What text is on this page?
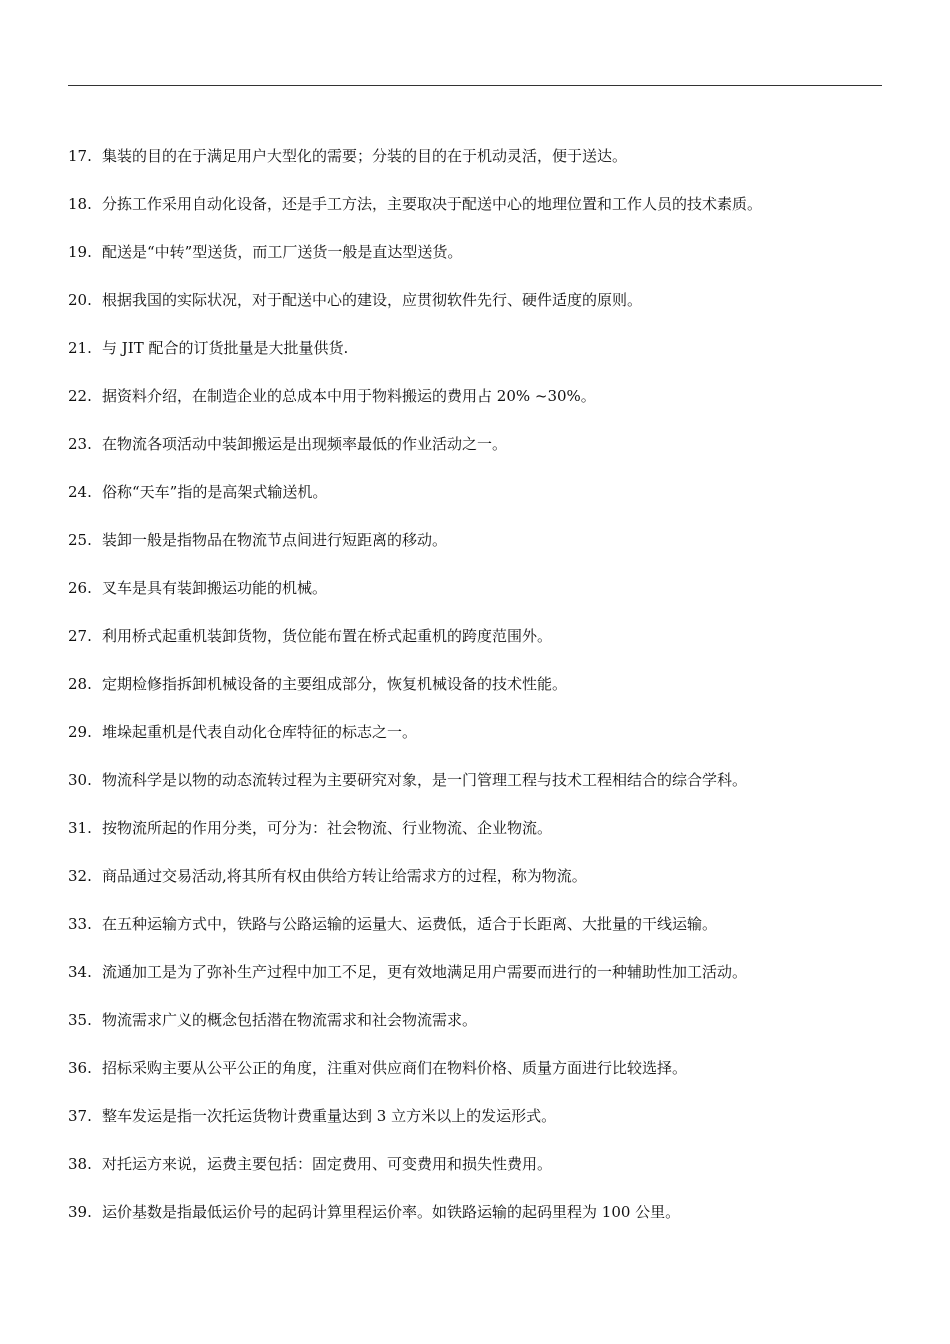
17. 集装的目的在于满足用户大型化的需要；分装的目的在于机动灵活，便于送达。
18. 分拣工作采用自动化设备，还是手工方法，主要取决于配送中心的地理位置和工作人员的技术素质。
19. 配送是“中转”型送货，而工厂送货一般是直达型送货。
20. 根据我国的实际状况，对于配送中心的建设，应贯彻软件先行、硬件适度的原则。
21. 与 JIT 配合的订货批量是大批量供货.
22. 据资料介绍，在制造企业的总成本中用于物料搬运的费用占 20% ~30%。
23. 在物流各项活动中装卸搬运是出现频率最低的作业活动之一。
24. 俗称“天车”指的是高架式输送机。
25. 装卸一般是指物品在物流节点间进行短距离的移动。
26. 叉车是具有装卸搬运功能的机械。
27. 利用桥式起重机装卸货物，货位能布置在桥式起重机的跨度范围外。
28. 定期检修指拆卸机械设备的主要组成部分，恢复机械设备的技术性能。
29. 堆垛起重机是代表自动化仓库特征的标志之一。
30. 物流科学是以物的动态流转过程为主要研究对象，是一门管理工程与技术工程相结合的综合学科。
31. 按物流所起的作用分类，可分为：社会物流、行业物流、企业物流。
32. 商品通过交易活动,将其所有权由供给方转让给需求方的过程，称为物流。
33. 在五种运输方式中，铁路与公路运输的运量大、运费低，适合于长距离、大批量的干线运输。
34. 流通加工是为了弥补生产过程中加工不足，更有效地满足用户需要而进行的一种辅助性加工活动。
35. 物流需求广义的概念包括潜在物流需求和社会物流需求。
36. 招标采购主要从公平公正的角度，注重对供应商们在物料价格、质量方面进行比较选择。
37. 整车发运是指一次托运货物计费重量达到 3 立方米以上的发运形式。
38. 对托运方来说，运费主要包括：固定费用、可变费用和损失性费用。
39. 运价基数是指最低运价号的起码计算里程运价率。如铁路运输的起码里程为 100 公里。
